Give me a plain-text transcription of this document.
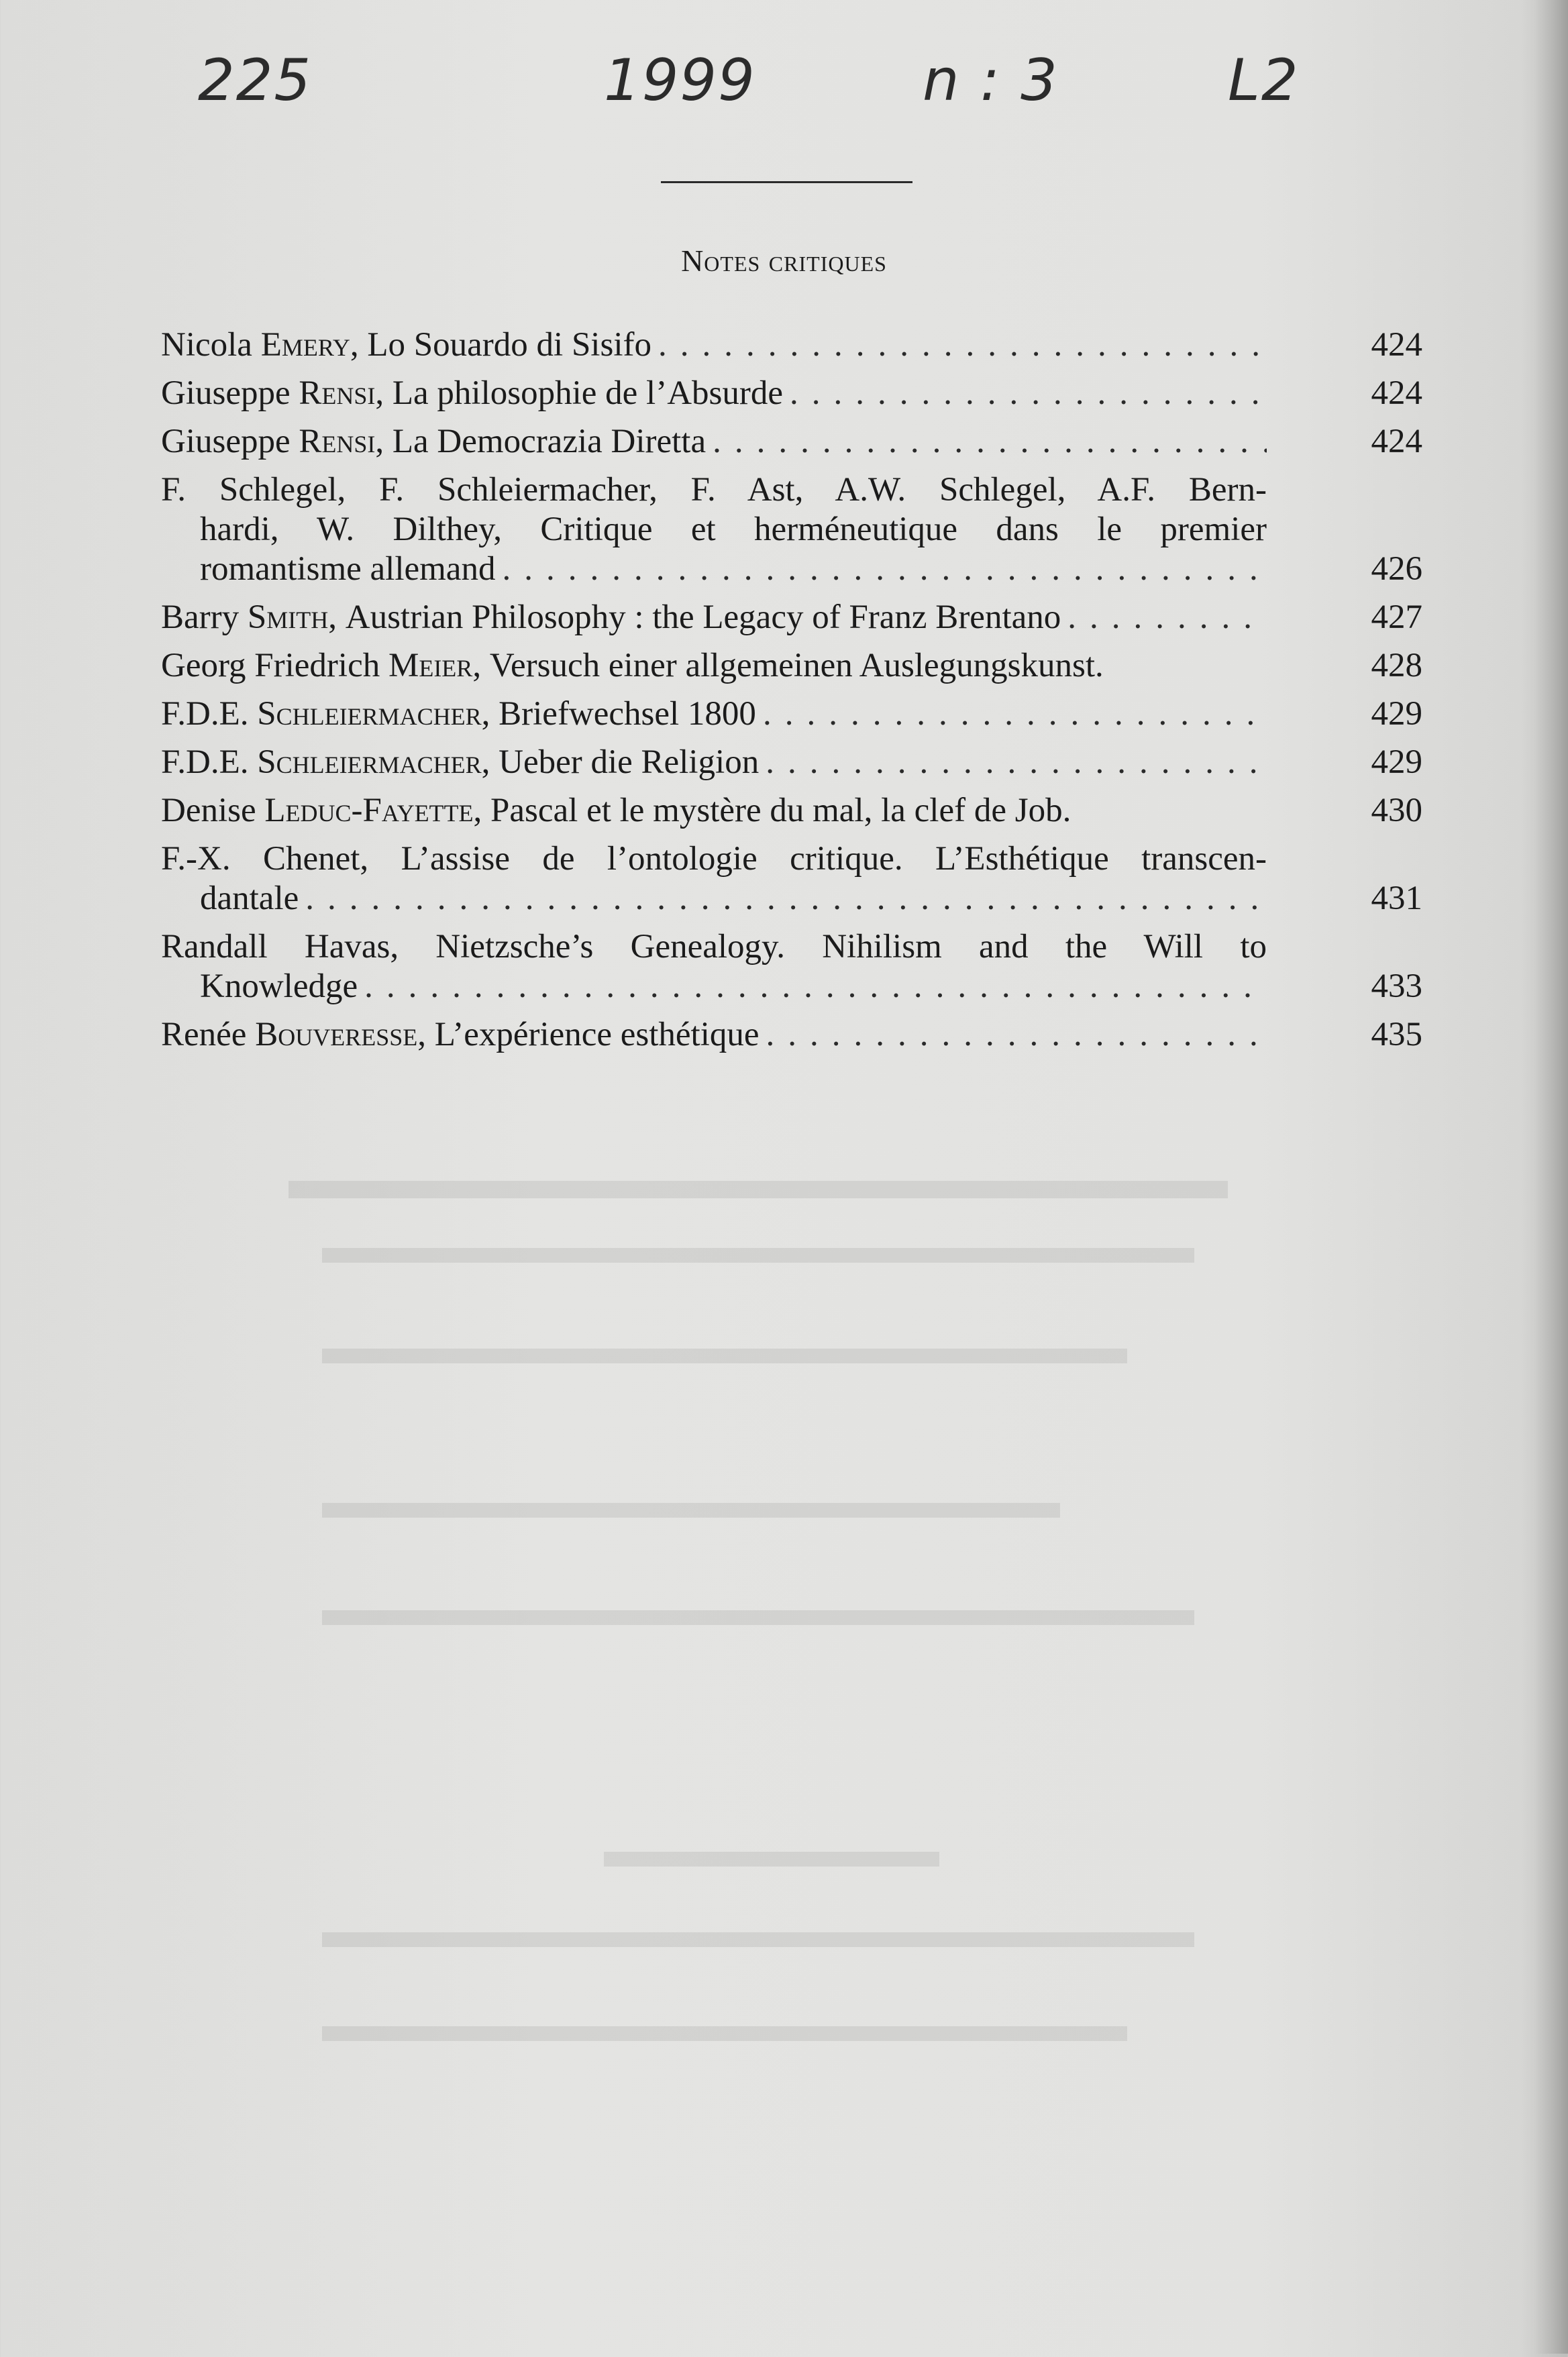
225	1999	n : 3	L2
Notes critiques
Nicola
Emery , Lo Souardo di Sisifo .....	424
Giuseppe
Rensi , La philosophie de l’Absurde .....	424
Giuseppe
Rensi , La Democrazia Diretta .....	424
F. Schlegel, F. Schleiermacher, F. Ast, A.W. Schlegel, A.F. Bern-
hardi, W. Dilthey, Critique et herméneutique dans le premier
romantisme allemand .....	426
Barry
Smith , Austrian Philosophy : the Legacy of Franz Brentano .....	427
Georg Friedrich
Meier , Versuch einer allgemeinen Auslegungskunst.	428
F.D.E.
Schleiermacher , Briefwechsel 1800 .....	429
F.D.E.
Schleiermacher , Ueber die Religion .....	429
Denise
Leduc-Fayette , Pascal et le mystère du mal, la clef de Job.	430
F.-X. Chenet, L’assise de l’ontologie critique. L’Esthétique transcen-
dantale .....	431
Randall Havas, Nietzsche’s Genealogy. Nihilism and the Will to
Knowledge .....	433
Renée
Bouveresse , L’expérience esthétique .....	435
